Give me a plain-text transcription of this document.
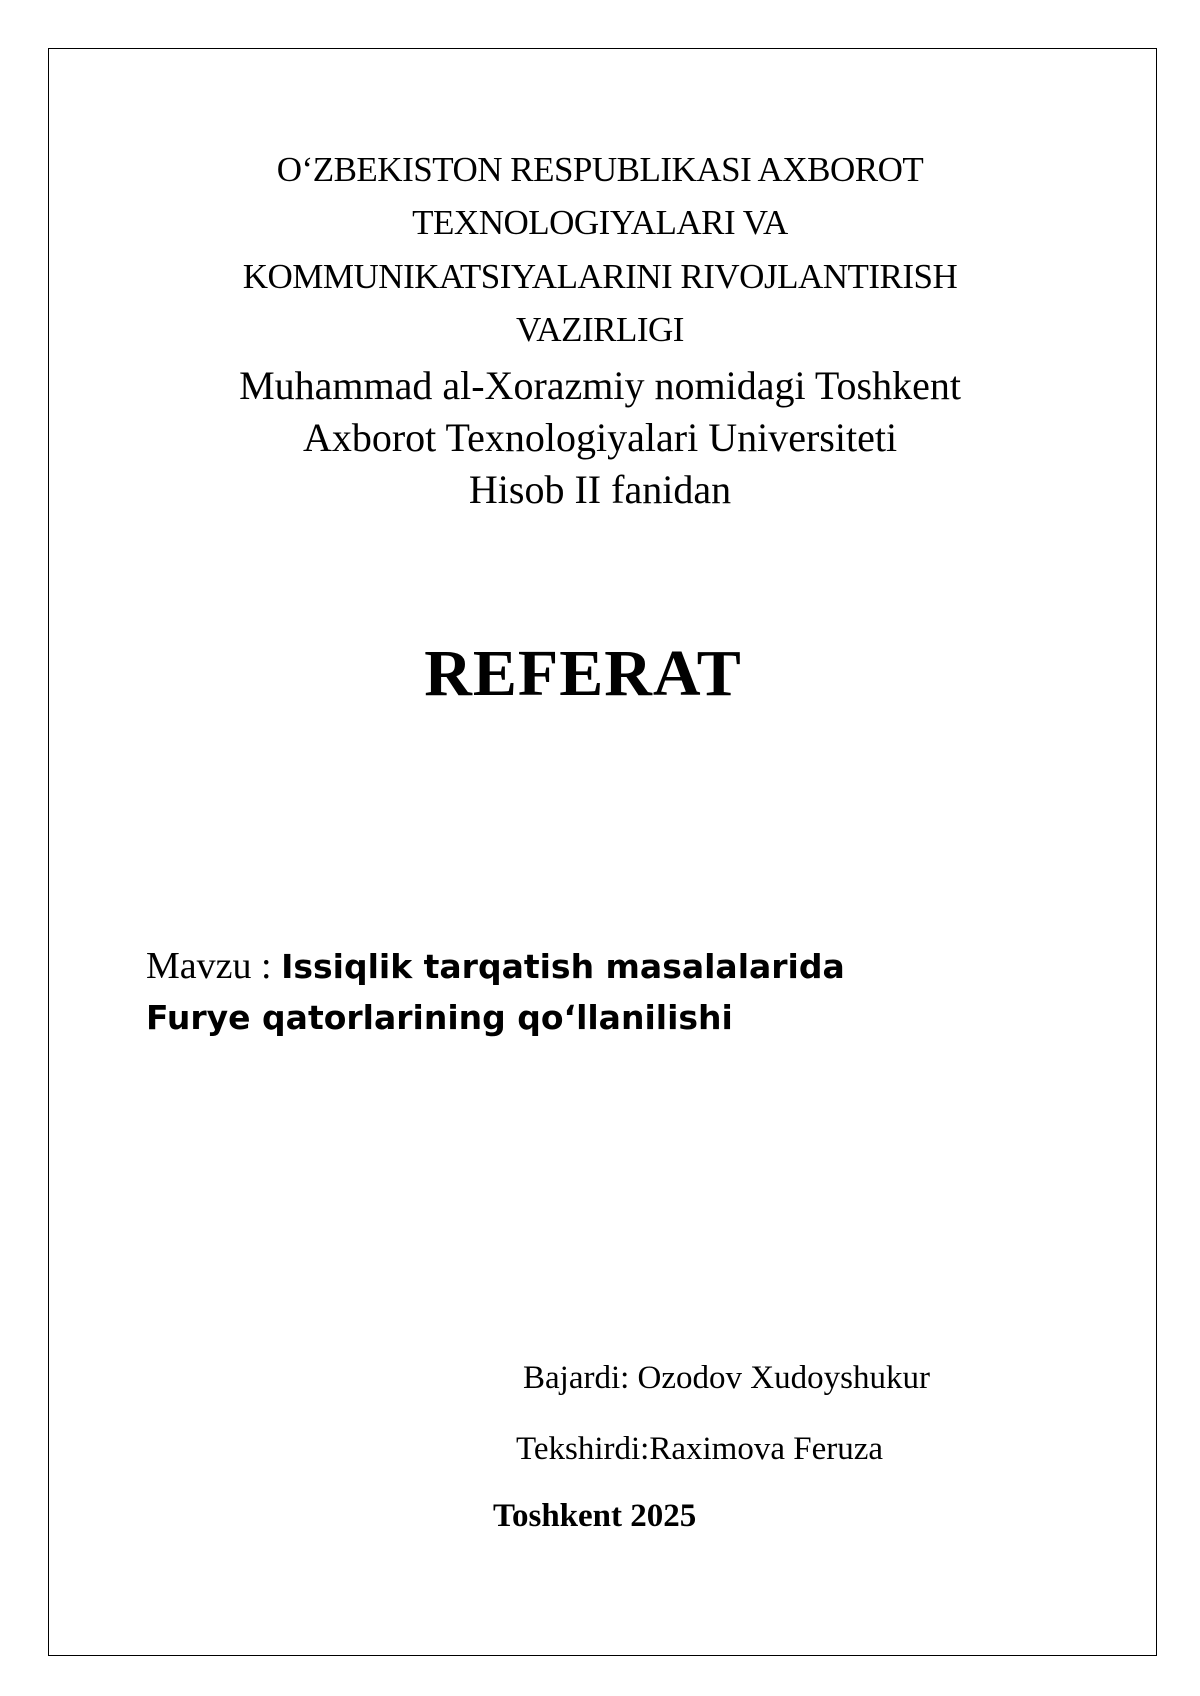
O‘ZBEKISTON RESPUBLIKASI AXBOROT
TEXNOLOGIYALARI VA
KOMMUNIKATSIYALARINI RIVOJLANTIRISH
VAZIRLIGI
Muhammad al-Xorazmiy nomidagi Toshkent
Axborot Texnologiyalari Universiteti
Hisob II fanidan
REFERAT
Mavzu : Issiqlik tarqatish masalalarida
Furye qatorlarining qo‘llanilishi
Bajardi: Ozodov Xudoyshukur
Tekshirdi:Raximova Feruza
Toshkent 2025
